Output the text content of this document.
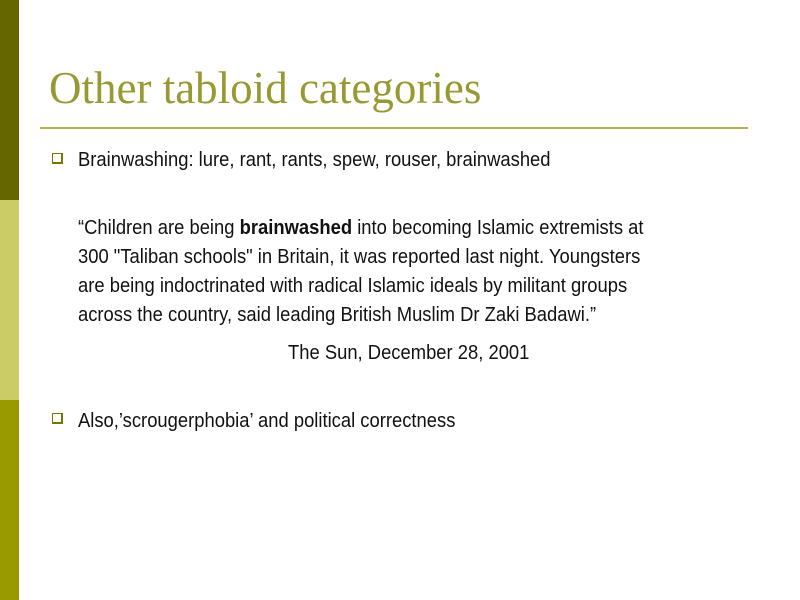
Other tabloid categories
Brainwashing: lure, rant, rants, spew, rouser, brainwashed
“Children are being brainwashed into becoming Islamic extremists at
300 "Taliban schools" in Britain, it was reported last night. Youngsters
are being indoctrinated with radical Islamic ideals by militant groups
across the country, said leading British Muslim Dr Zaki Badawi.”
The Sun, December 28, 2001
Also,’scrougerphobia’ and political correctness
